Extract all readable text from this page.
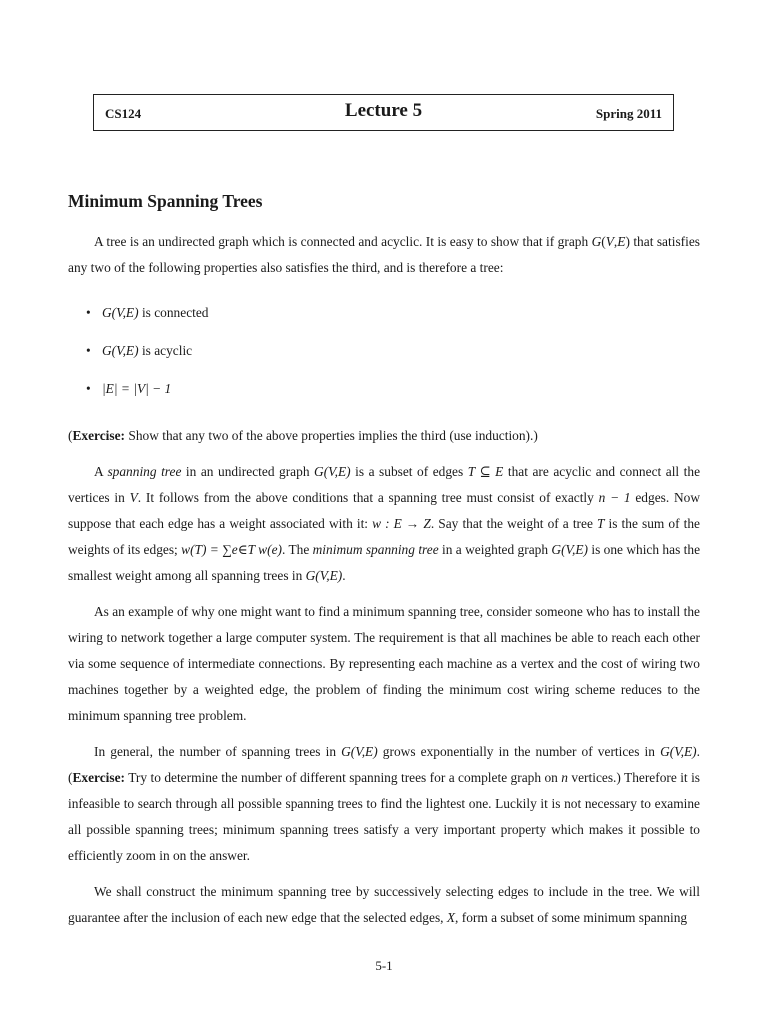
CS124	Lecture 5	Spring 2011
Minimum Spanning Trees

A tree is an undirected graph which is connected and acyclic. It is easy to show that if graph G(V,E) that satisfies any two of the following properties also satisfies the third, and is therefore a tree:

• G(V,E) is connected
• G(V,E) is acyclic
• |E| = |V| − 1

(Exercise: Show that any two of the above properties implies the third (use induction).)

A spanning tree in an undirected graph G(V,E) is a subset of edges T ⊆ E that are acyclic and connect all the vertices in V. It follows from the above conditions that a spanning tree must consist of exactly n − 1 edges. Now suppose that each edge has a weight associated with it: w : E → Z. Say that the weight of a tree T is the sum of the weights of its edges; w(T) = ∑e∈T w(e). The minimum spanning tree in a weighted graph G(V,E) is one which has the smallest weight among all spanning trees in G(V,E).

As an example of why one might want to find a minimum spanning tree, consider someone who has to install the wiring to network together a large computer system. The requirement is that all machines be able to reach each other via some sequence of intermediate connections. By representing each machine as a vertex and the cost of wiring two machines together by a weighted edge, the problem of finding the minimum cost wiring scheme reduces to the minimum spanning tree problem.

In general, the number of spanning trees in G(V,E) grows exponentially in the number of vertices in G(V,E). (Exercise: Try to determine the number of different spanning trees for a complete graph on n vertices.) Therefore it is infeasible to search through all possible spanning trees to find the lightest one. Luckily it is not necessary to examine all possible spanning trees; minimum spanning trees satisfy a very important property which makes it possible to efficiently zoom in on the answer.

We shall construct the minimum spanning tree by successively selecting edges to include in the tree. We will guarantee after the inclusion of each new edge that the selected edges, X, form a subset of some minimum spanning

5-1
